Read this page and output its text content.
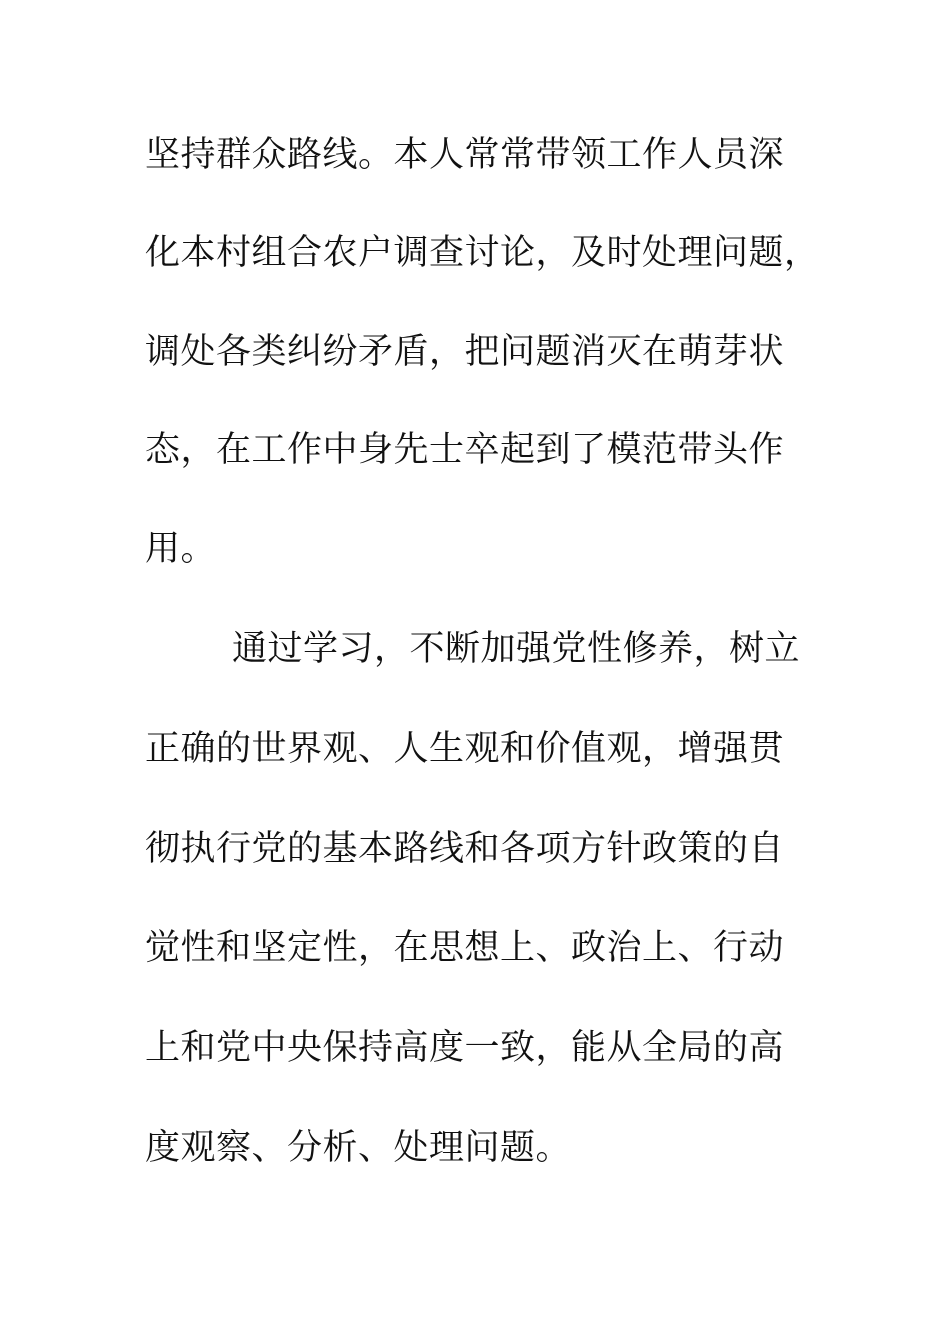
坚持群众路线。本人常常带领工作人员深
化本村组合农户调查讨论，及时处理问题，
调处各类纠纷矛盾，把问题消灭在萌芽状
态，在工作中身先士卒起到了模范带头作
用。
通过学习，不断加强党性修养，树立
正确的世界观、人生观和价值观，增强贯
彻执行党的基本路线和各项方针政策的自
觉性和坚定性，在思想上、政治上、行动
上和党中央保持高度一致，能从全局的高
度观察、分析、处理问题。
